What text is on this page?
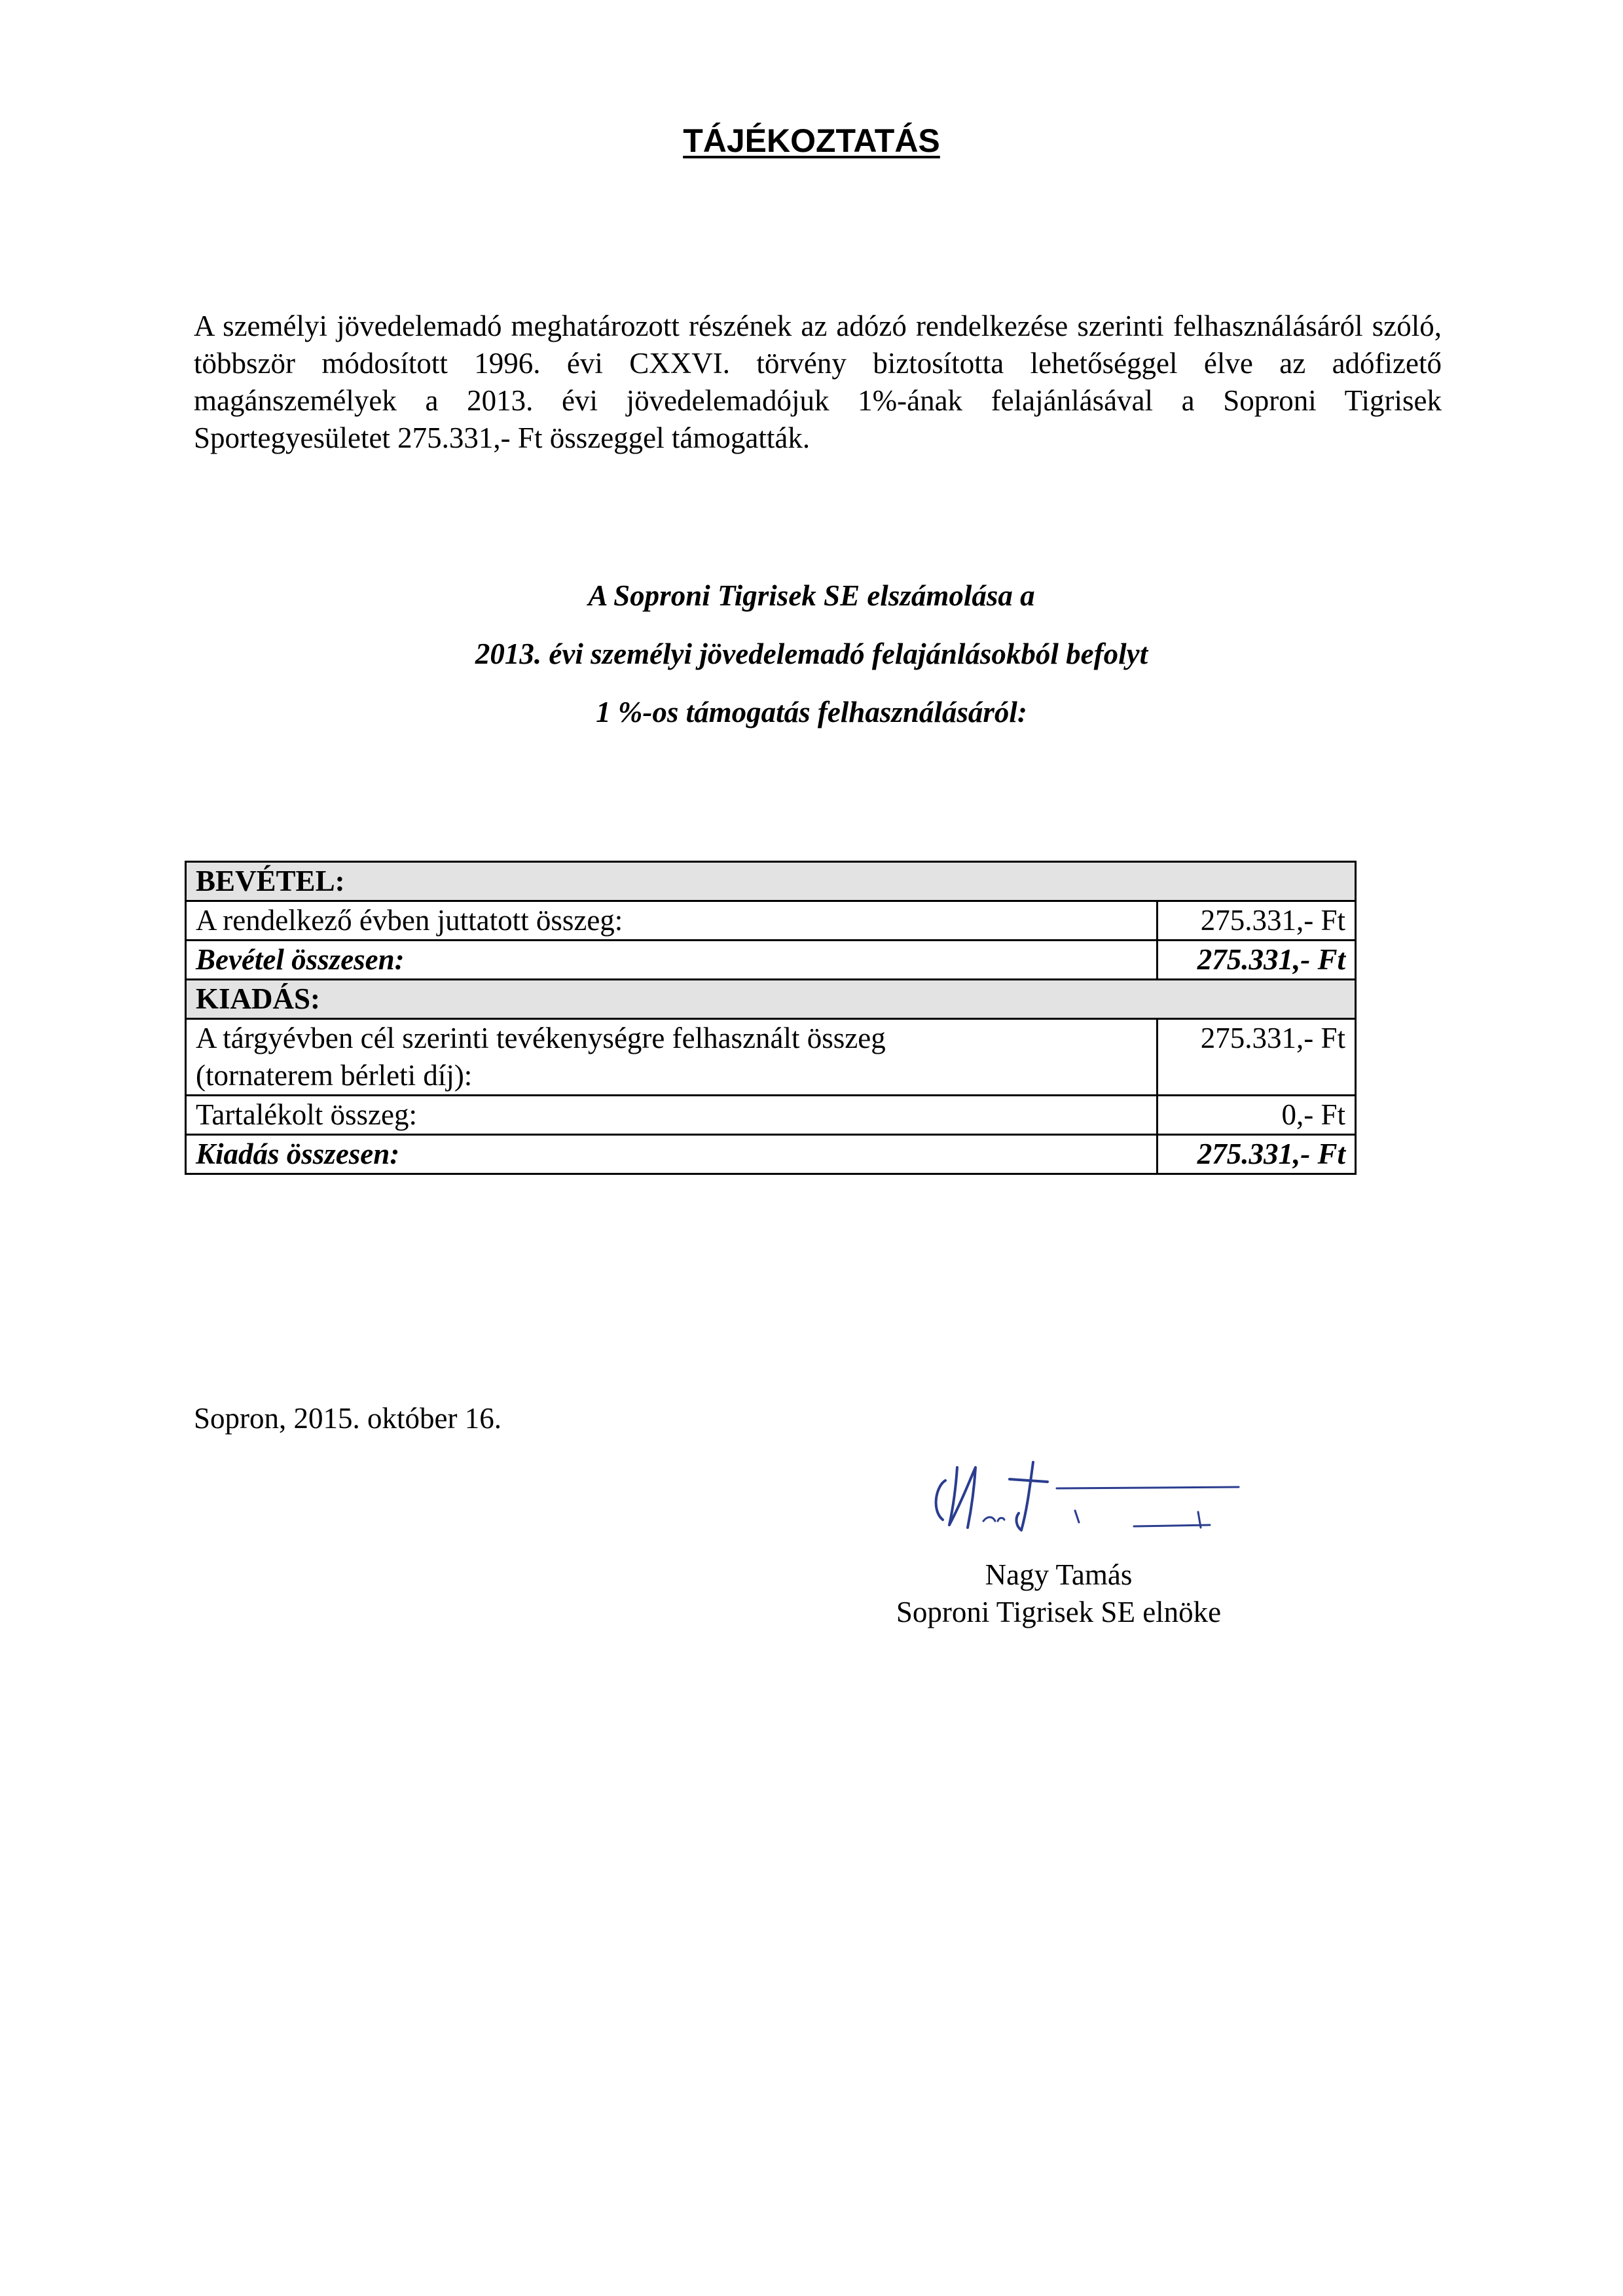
TÁJÉKOZTATÁS

A személyi jövedelemadó meghatározott részének az adózó rendelkezése szerinti felhasználásáról szóló, többször módosított 1996. évi CXXVI. törvény biztosította lehetőséggel élve az adófizető magánszemélyek a 2013. évi jövedelemadójuk 1%-ának felajánlásával a Soproni Tigrisek Sportegyesületet 275.331,- Ft összeggel támogatták.

A Soproni Tigrisek SE elszámolása a
2013. évi személyi jövedelemadó felajánlásokból befolyt
1 %-os támogatás felhasználásáról:
BEVÉTEL:	
A rendelkező évben juttatott összeg:	275.331,- Ft
Bevétel összesen:	275.331,- Ft
KIADÁS:	

A tárgyévben cél szerinti tevékenységre felhasznált összeg
(tornaterem bérleti díj):	275.331,- Ft
Tartalékolt összeg:	0,- Ft
Kiadás összesen:	275.331,- Ft
Sopron, 2015. október 16.
Nagy Tamás
Soproni Tigrisek SE elnöke
